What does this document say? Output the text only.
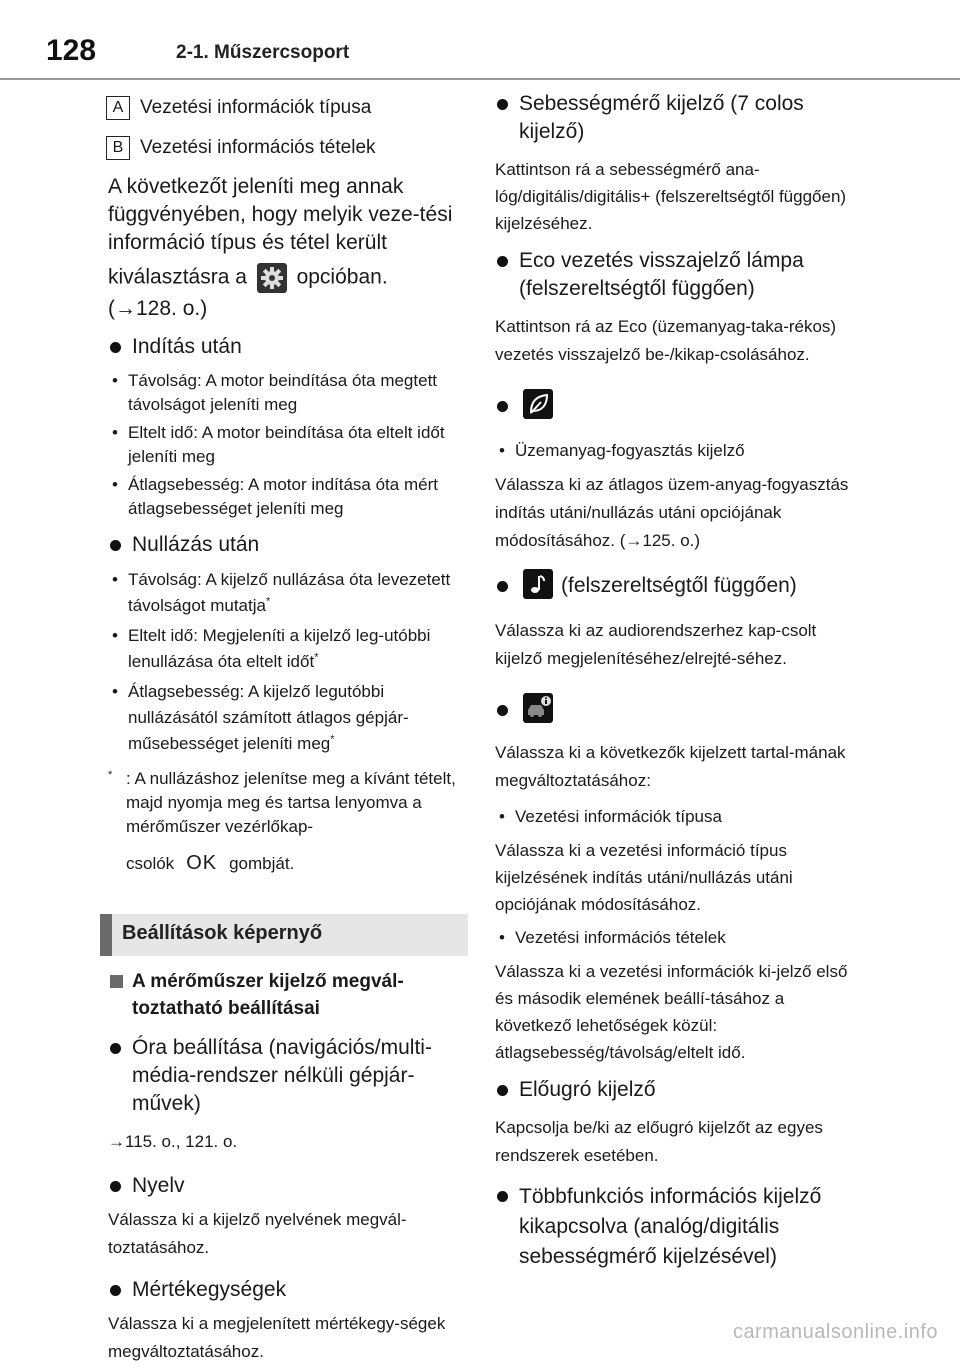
128	2-1. Műszercsoport
A Vezetési információk típusa
B Vezetési információs tételek
A következőt jeleníti meg annak függvényében, hogy melyik veze-tési információ típus és tétel került
kiválasztásra a opcióban.
(→128. o.)
Indítás után
• Távolság: A motor beindítása óta megtett távolságot jeleníti meg
• Eltelt idő: A motor beindítása óta eltelt időt jeleníti meg
• Átlagsebesség: A motor indítása óta mért átlagsebességet jeleníti meg
Nullázás után
• Távolság: A kijelző nullázása óta levezetett távolságot mutatja*
• Eltelt idő: Megjeleníti a kijelző leg-utóbbi lenullázása óta eltelt időt*
• Átlagsebesség: A kijelző legutóbbi nullázásától számított átlagos gépjár-műsebességet jeleníti meg*
* : A nullázáshoz jelenítse meg a kívánt tételt, majd nyomja meg és tartsa lenyomva a mérőműszer vezérlőkap-
csolók OK gombját.
Beállítások képernyő
A mérőműszer kijelző megvál-toztatható beállításai
Óra beállítása (navigációs/multi-média-rendszer nélküli gépjár-művek)
→115. o., 121. o.
Nyelv
Válassza ki a kijelző nyelvének megvál-toztatásához.
Mértékegységek
Válassza ki a megjelenített mértékegy-ségek megváltoztatásához.
Sebességmérő kijelző (7 colos kijelző)
Kattintson rá a sebességmérő ana-lóg/digitális/digitális+ (felszereltségtől függően) kijelzéséhez.
Eco vezetés visszajelző lámpa (felszereltségtől függően)
Kattintson rá az Eco (üzemanyag-taka-rékos) vezetés visszajelző be-/kikap-csolásához.
• Üzemanyag-fogyasztás kijelző
Válassza ki az átlagos üzem-anyag-fogyasztás indítás utáni/nullázás utáni opciójának módosításához. (→125. o.)
(felszereltségtől függően)
Válassza ki az audiorendszerhez kap-csolt kijelző megjelenítéséhez/elrejté-séhez.
Válassza ki a következők kijelzett tartal-mának megváltoztatásához:
• Vezetési információk típusa
Válassza ki a vezetési információ típus kijelzésének indítás utáni/nullázás utáni opciójának módosításához.
• Vezetési információs tételek
Válassza ki a vezetési információk ki-jelző első és második elemének beállí-tásához a következő lehetőségek közül: átlagsebesség/távolság/eltelt idő.
Előugró kijelző
Kapcsolja be/ki az előugró kijelzőt az egyes rendszerek esetében.
Többfunkciós információs kijelző kikapcsolva (analóg/digitális sebességmérő kijelzésével)
carmanualsonline.info
